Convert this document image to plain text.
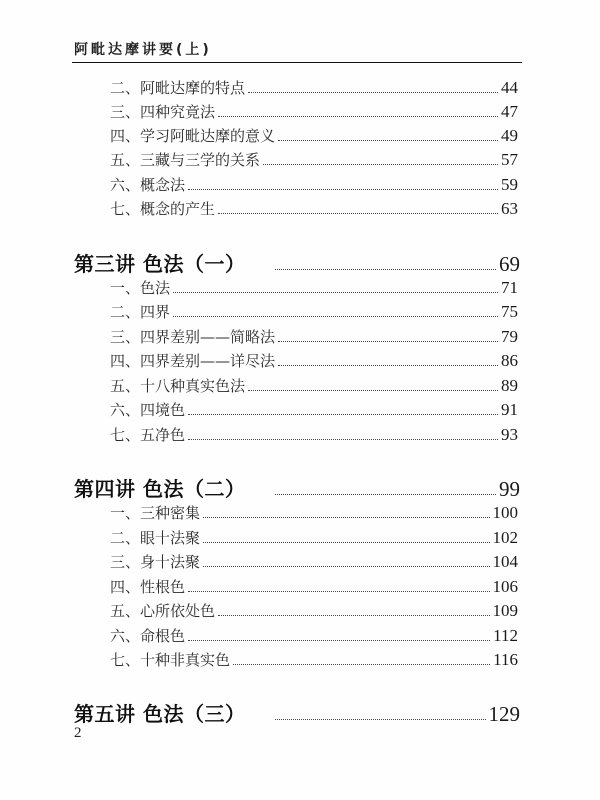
阿毗达摩讲要(上)
二、阿毗达摩的特点	44
三、四种究竟法	47
四、学习阿毗达摩的意义	49
五、三藏与三学的关系	57
六、概念法	59
七、概念的产生	63
第三讲 色法（一）	69
一、色法	71
二、四界	75
三、四界差别——简略法	79
四、四界差别——详尽法	86
五、十八种真实色法	89
六、四境色	91
七、五净色	93
第四讲 色法（二）	99
一、三种密集	100
二、眼十法聚	102
三、身十法聚	104
四、性根色	106
五、心所依处色	109
六、命根色	112
七、十种非真实色	116
第五讲 色法（三）	129
2
